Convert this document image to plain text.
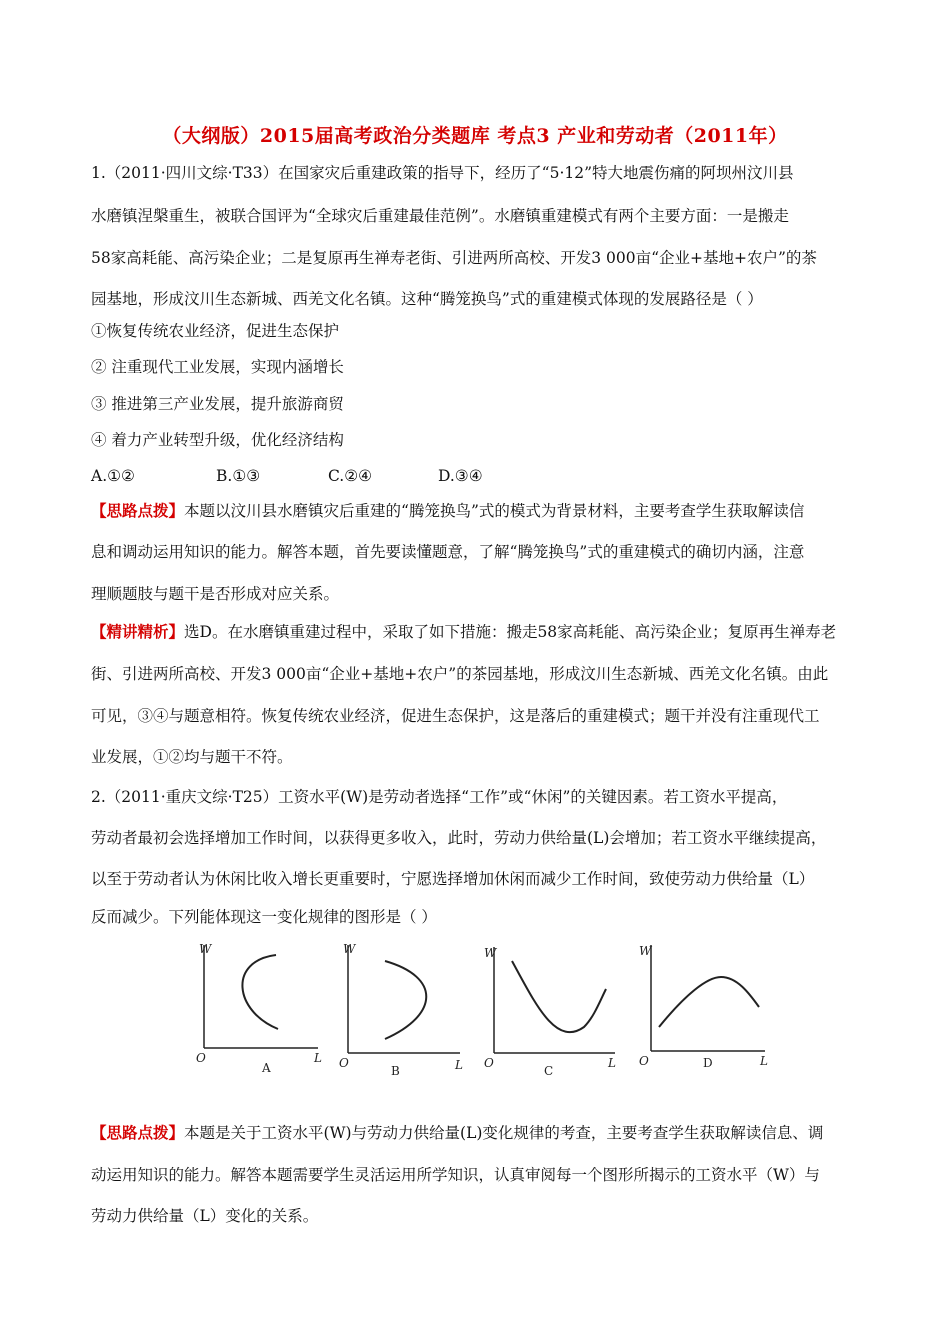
（大纲版）2015届高考政治分类题库 考点3 产业和劳动者（2011年）
1.（2011·四川文综·T33）在国家灾后重建政策的指导下，经历了“5·12”特大地震伤痛的阿坝州汶川县
水磨镇涅槃重生，被联合国评为“全球灾后重建最佳范例”。水磨镇重建模式有两个主要方面：一是搬走
58家高耗能、高污染企业；二是复原再生禅寿老街、引进两所高校、开发3 000亩“企业+基地+农户”的茶
园基地，形成汶川生态新城、西羌文化名镇。这种“腾笼换鸟”式的重建模式体现的发展路径是（ ）
①恢复传统农业经济，促进生态保护
② 注重现代工业发展，实现内涵增长
③ 推进第三产业发展，提升旅游商贸
④ 着力产业转型升级，优化经济结构
A.①②	B.①③	C.②④	D.③④
【思路点拨】本题以汶川县水磨镇灾后重建的“腾笼换鸟”式的模式为背景材料，主要考查学生获取解读信
息和调动运用知识的能力。解答本题，首先要读懂题意，了解“腾笼换鸟”式的重建模式的确切内涵，注意
理顺题肢与题干是否形成对应关系。
【精讲精析】选D。在水磨镇重建过程中，采取了如下措施：搬走58家高耗能、高污染企业；复原再生禅寿老
街、引进两所高校、开发3 000亩“企业+基地+农户”的茶园基地，形成汶川生态新城、西羌文化名镇。由此
可见，③④与题意相符。恢复传统农业经济，促进生态保护，这是落后的重建模式；题干并没有注重现代工
业发展，①②均与题干不符。
2.（2011·重庆文综·T25）工资水平(W)是劳动者选择“工作”或“休闲”的关键因素。若工资水平提高，
劳动者最初会选择增加工作时间，以获得更多收入，此时，劳动力供给量(L)会增加；若工资水平继续提高，
以至于劳动者认为休闲比收入增长更重要时，宁愿选择增加休闲而减少工作时间，致使劳动力供给量（L）
反而减少。下列能体现这一变化规律的图形是（ ）
W
O	L
A
W
O	L
B
W
O	L
C
W
O	L
D
【思路点拨】本题是关于工资水平(W)与劳动力供给量(L)变化规律的考查，主要考查学生获取解读信息、调
动运用知识的能力。解答本题需要学生灵活运用所学知识，认真审阅每一个图形所揭示的工资水平（W）与
劳动力供给量（L）变化的关系。
